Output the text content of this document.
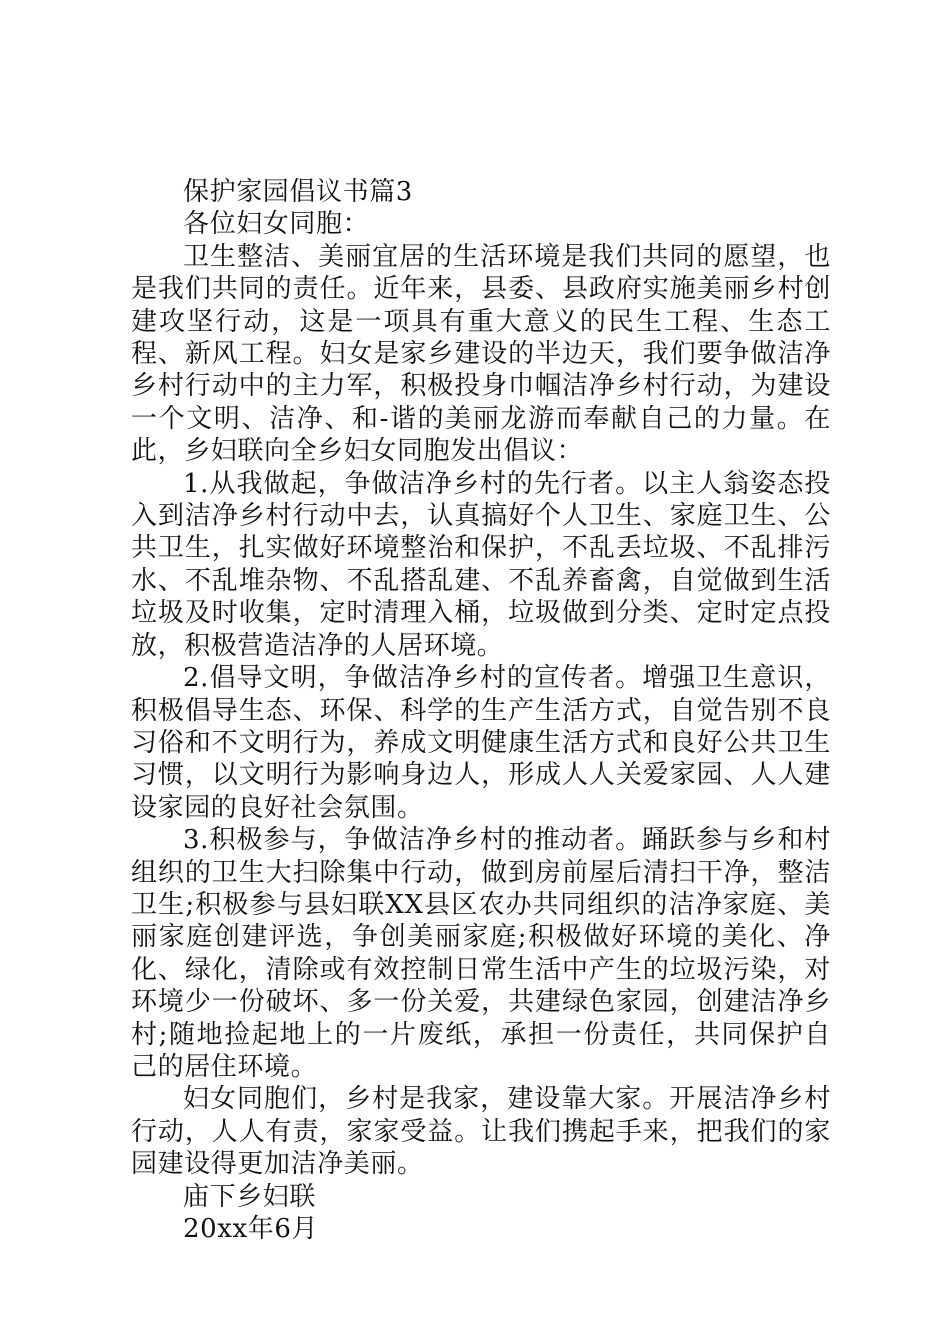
保护家园倡议书篇3

各位妇女同胞：

卫生整洁、美丽宜居的生活环境是我们共同的愿望，也是我们共同的责任。近年来，县委、县政府实施美丽乡村创建攻坚行动，这是一项具有重大意义的民生工程、生态工程、新风工程。妇女是家乡建设的半边天，我们要争做洁净乡村行动中的主力军，积极投身巾帼洁净乡村行动，为建设一个文明、洁净、和-谐的美丽龙游而奉献自己的力量。在此，乡妇联向全乡妇女同胞发出倡议：

1.从我做起，争做洁净乡村的先行者。以主人翁姿态投入到洁净乡村行动中去，认真搞好个人卫生、家庭卫生、公共卫生，扎实做好环境整治和保护，不乱丢垃圾、不乱排污水、不乱堆杂物、不乱搭乱建、不乱养畜禽，自觉做到生活垃圾及时收集，定时清理入桶，垃圾做到分类、定时定点投放，积极营造洁净的人居环境。

2.倡导文明，争做洁净乡村的宣传者。增强卫生意识，积极倡导生态、环保、科学的生产生活方式，自觉告别不良习俗和不文明行为，养成文明健康生活方式和良好公共卫生习惯，以文明行为影响身边人，形成人人关爱家园、人人建设家园的良好社会氛围。

3.积极参与，争做洁净乡村的推动者。踊跃参与乡和村组织的卫生大扫除集中行动，做到房前屋后清扫干净，整洁卫生;积极参与县妇联XX县区农办共同组织的洁净家庭、美丽家庭创建评选，争创美丽家庭;积极做好环境的美化、净化、绿化，清除或有效控制日常生活中产生的垃圾污染，对环境少一份破坏、多一份关爱，共建绿色家园，创建洁净乡村;随地捡起地上的一片废纸，承担一份责任，共同保护自己的居住环境。

妇女同胞们，乡村是我家，建设靠大家。开展洁净乡村行动，人人有责，家家受益。让我们携起手来，把我们的家园建设得更加洁净美丽。

庙下乡妇联

20xx年6月
